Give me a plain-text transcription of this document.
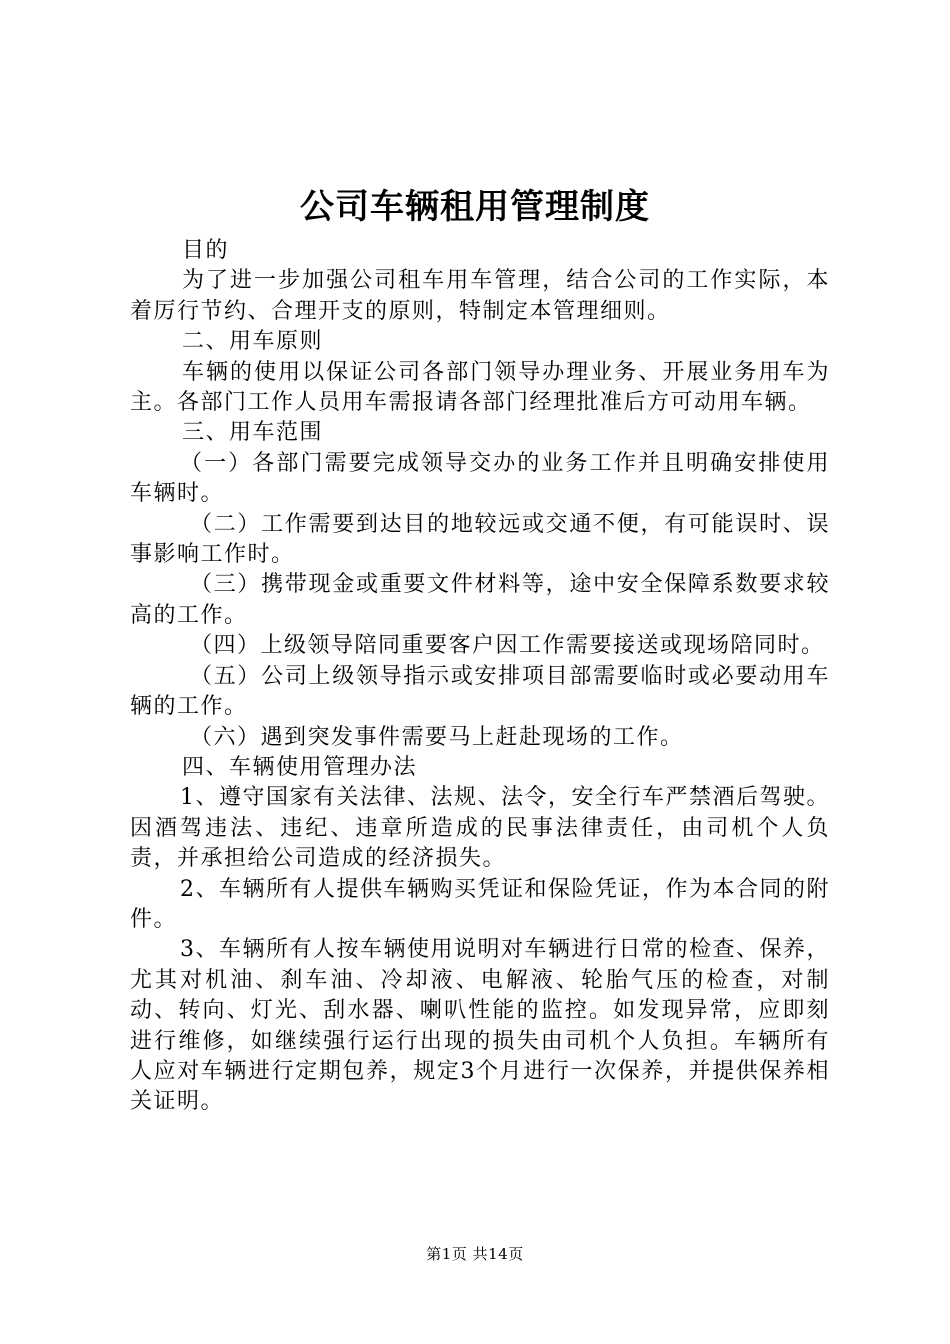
公司车辆租用管理制度

目的

为了进一步加强公司租车用车管理，结合公司的工作实际，本着厉行节约、合理开支的原则，特制定本管理细则。

二、用车原则

车辆的使用以保证公司各部门领导办理业务、开展业务用车为主。各部门工作人员用车需报请各部门经理批准后方可动用车辆。

三、用车范围

（一）各部门需要完成领导交办的业务工作并且明确安排使用车辆时。

（二）工作需要到达目的地较远或交通不便，有可能误时、误事影响工作时。

（三）携带现金或重要文件材料等，途中安全保障系数要求较高的工作。

（四）上级领导陪同重要客户因工作需要接送或现场陪同时。

（五）公司上级领导指示或安排项目部需要临时或必要动用车辆的工作。

（六）遇到突发事件需要马上赶赴现场的工作。

四、车辆使用管理办法

1、遵守国家有关法律、法规、法令，安全行车严禁酒后驾驶。因酒驾违法、违纪、违章所造成的民事法律责任，由司机个人负责，并承担给公司造成的经济损失。

2、车辆所有人提供车辆购买凭证和保险凭证，作为本合同的附件。

3、车辆所有人按车辆使用说明对车辆进行日常的检查、保养，尤其对机油、刹车油、冷却液、电解液、轮胎气压的检查，对制动、转向、灯光、刮水器、喇叭性能的监控。如发现异常，应即刻进行维修，如继续强行运行出现的损失由司机个人负担。车辆所有人应对车辆进行定期包养，规定3个月进行一次保养，并提供保养相关证明。

第1页 共14页
